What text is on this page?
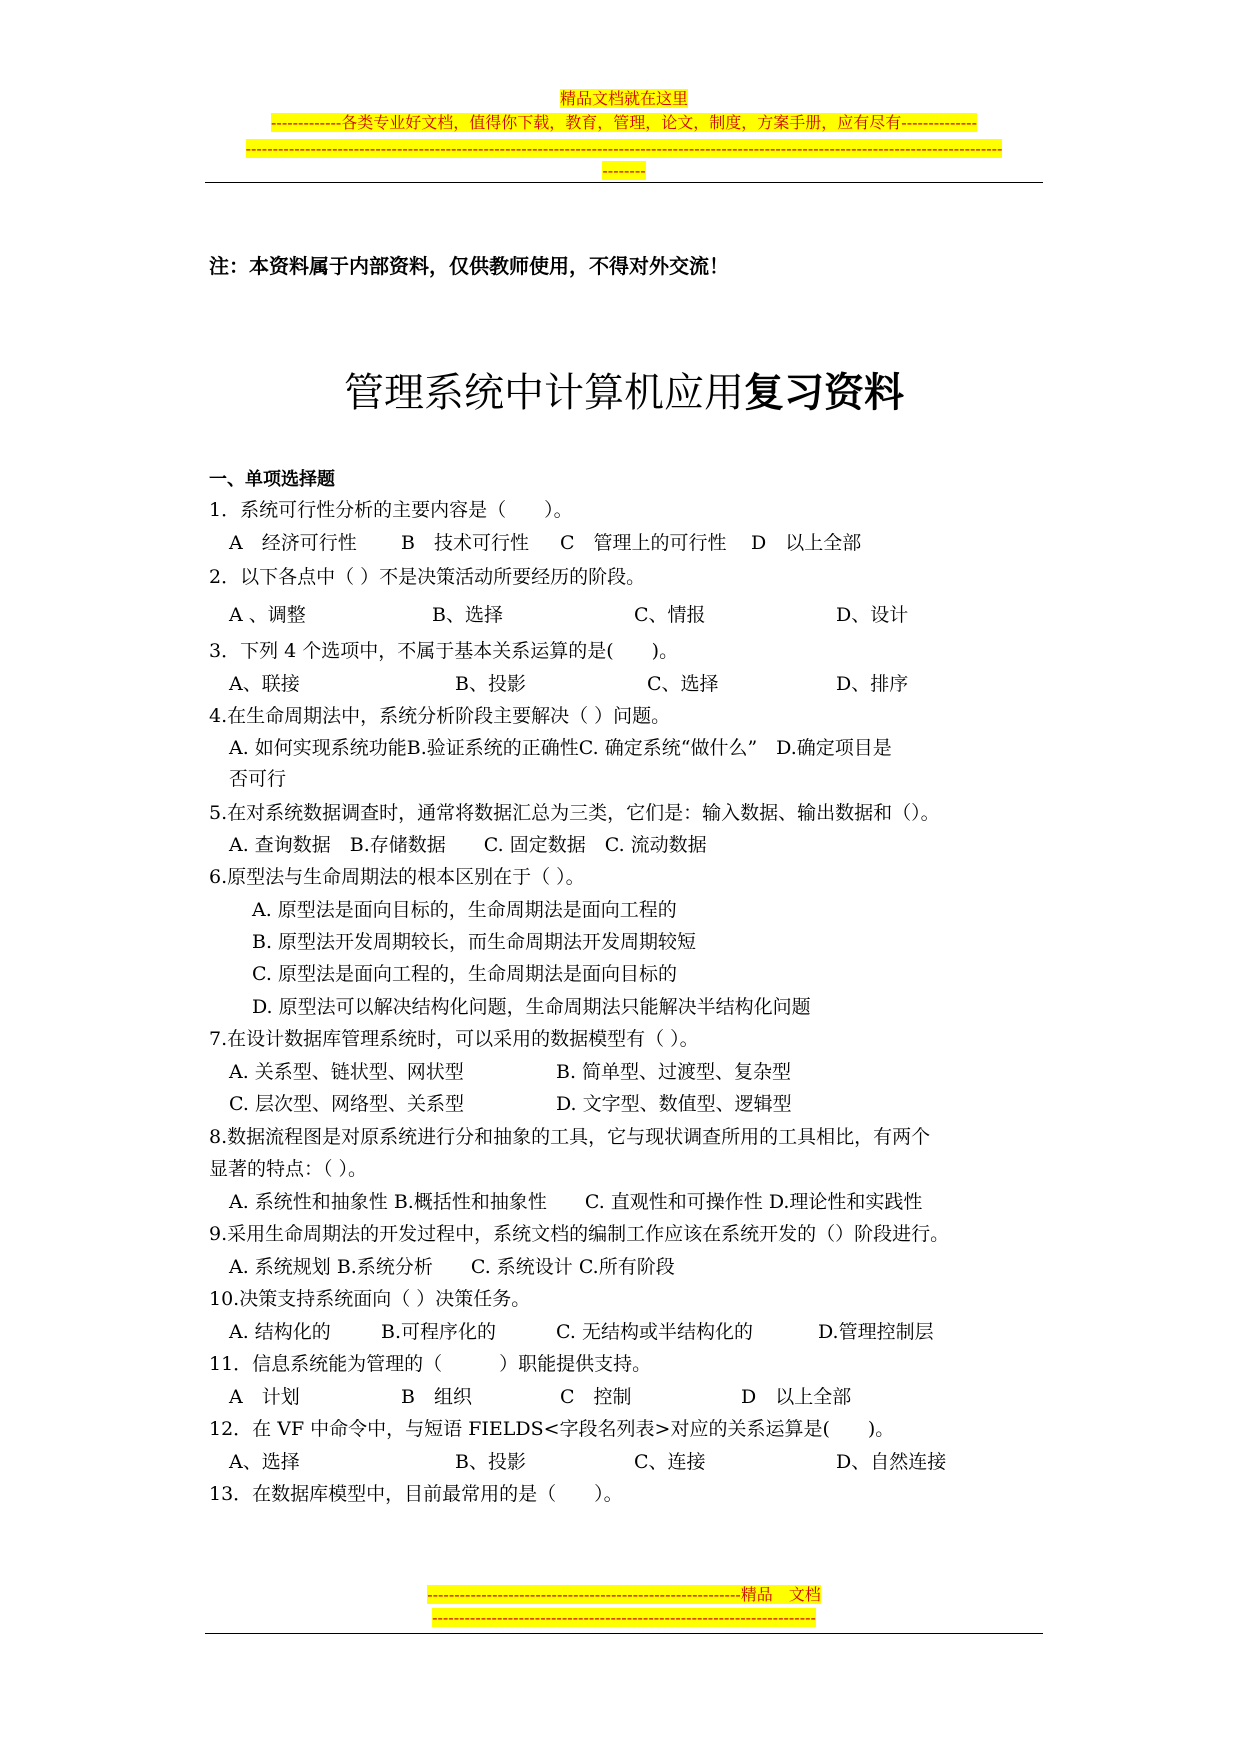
精品文档就在这里
-------------各类专业好文档，值得你下载，教育，管理，论文，制度，方案手册，应有尽有--------------
--------------------------------------------------------------------------------------------------------------------------------------------
--------
注：本资料属于内部资料，仅供教师使用，不得对外交流！
管理系统中计算机应用复习资料
一、单项选择题
1．系统可行性分析的主要内容是（　　）。
A　经济可行性 B　技术可行性 C　管理上的可行性 D　以上全部
2．以下各点中（ ）不是决策活动所要经历的阶段。
A 、调整	B、选择	C、情报	D、设计
3．下列 4 个选项中，不属于基本关系运算的是(　　)。
A、联接	B、投影	C、选择	D、排序
4.在生命周期法中，系统分析阶段主要解决（ ）问题。
A. 如何实现系统功能B.验证系统的正确性C. 确定系统“做什么”　D.确定项目是
否可行
5.在对系统数据调查时，通常将数据汇总为三类，它们是：输入数据、输出数据和（）。
A. 查询数据　B.存储数据　　C. 固定数据　C. 流动数据
6.原型法与生命周期法的根本区别在于（ ）。
A. 原型法是面向目标的，生命周期法是面向工程的
B. 原型法开发周期较长，而生命周期法开发周期较短
C. 原型法是面向工程的，生命周期法是面向目标的
D. 原型法可以解决结构化问题，生命周期法只能解决半结构化问题
7.在设计数据库管理系统时，可以采用的数据模型有（ ）。
A. 关系型、链状型、网状型	B. 简单型、过渡型、复杂型
C. 层次型、网络型、关系型	D. 文字型、数值型、逻辑型
8.数据流程图是对原系统进行分和抽象的工具，它与现状调查所用的工具相比，有两个
显著的特点：（ ）。
A. 系统性和抽象性 B.概括性和抽象性　　C. 直观性和可操作性 D.理论性和实践性
9.采用生命周期法的开发过程中，系统文档的编制工作应该在系统开发的（）阶段进行。
A. 系统规划 B.系统分析　　C. 系统设计 C.所有阶段
10.决策支持系统面向（ ）决策任务。
A. 结构化的	B.可程序化的	C. 无结构或半结构化的	D.管理控制层
11．信息系统能为管理的（　　　）职能提供支持。
A　计划	B　组织	C　控制	D　以上全部
12．在 VF 中命令中，与短语 FIELDS<字段名列表>对应的关系运算是(　　)。
A、选择	B、投影	C、连接	D、自然连接
13．在数据库模型中，目前最常用的是（　　）。
----------------------------------------------------------精品　文档
-----------------------------------------------------------------------
